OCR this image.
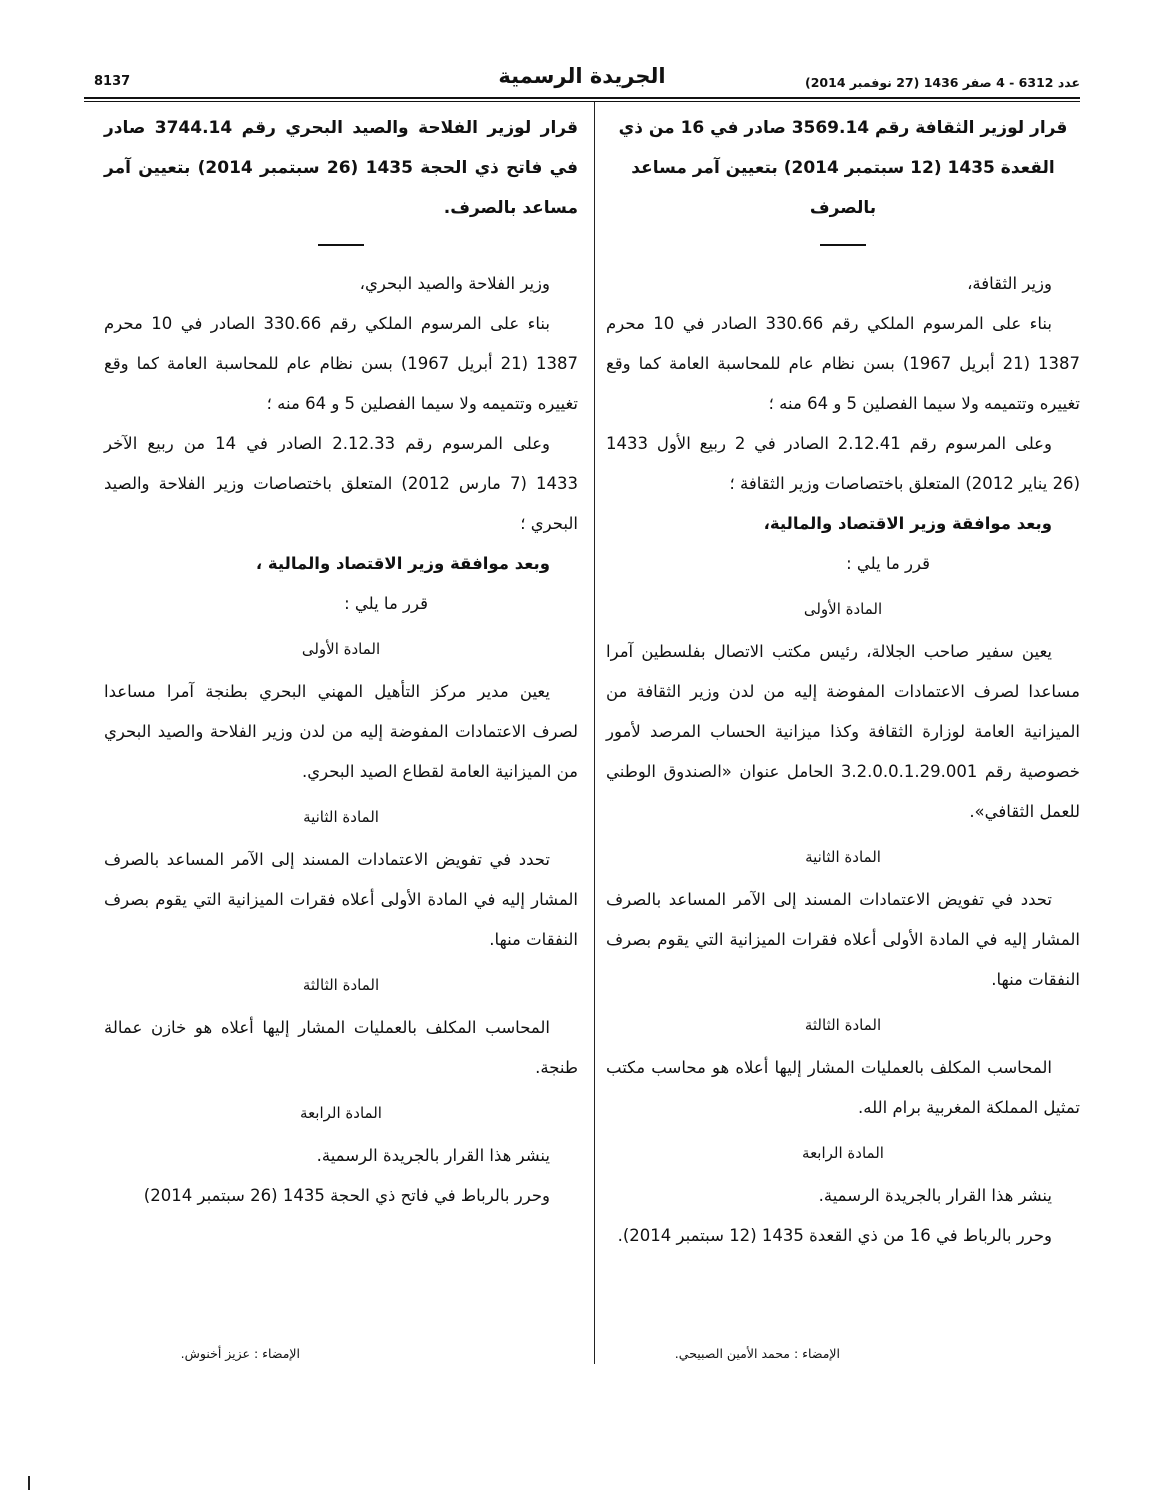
8137	الجريدة الرسمية	عدد 6312 - 4 صفر 1436 (27 نوفمبر 2014)

قرار لوزير الثقافة رقم 3569.14 صادر في 16 من ذي القعدة 1435 (12 سبتمبر 2014) بتعيين آمر مساعد بالصرف

وزير الثقافة،

بناء على المرسوم الملكي رقم 330.66 الصادر في 10 محرم 1387 (21 أبريل 1967) بسن نظام عام للمحاسبة العامة كما وقع تغييره وتتميمه ولا سيما الفصلين 5 و 64 منه ؛

وعلى المرسوم رقم 2.12.41 الصادر في 2 ربيع الأول 1433 (26 يناير 2012) المتعلق باختصاصات وزير الثقافة ؛

وبعد موافقة وزير الاقتصاد والمالية،

قرر ما يلي :

المادة الأولى

يعين سفير صاحب الجلالة، رئيس مكتب الاتصال بفلسطين آمرا مساعدا لصرف الاعتمادات المفوضة إليه من لدن وزير الثقافة من الميزانية العامة لوزارة الثقافة وكذا ميزانية الحساب المرصد لأمور خصوصية رقم 3.2.0.0.1.29.001 الحامل عنوان «الصندوق الوطني للعمل الثقافي».

المادة الثانية

تحدد في تفويض الاعتمادات المسند إلى الآمر المساعد بالصرف المشار إليه في المادة الأولى أعلاه فقرات الميزانية التي يقوم بصرف النفقات منها.

المادة الثالثة

المحاسب المكلف بالعمليات المشار إليها أعلاه هو محاسب مكتب تمثيل المملكة المغربية برام الله.

المادة الرابعة

ينشر هذا القرار بالجريدة الرسمية.

وحرر بالرباط في 16 من ذي القعدة 1435 (12 سبتمبر 2014).

الإمضاء : محمد الأمين الصبيحي.

قرار لوزير الفلاحة والصيد البحري رقم 3744.14 صادر في فاتح ذي الحجة 1435 (26 سبتمبر 2014) بتعيين آمر مساعد بالصرف.

وزير الفلاحة والصيد البحري،

بناء على المرسوم الملكي رقم 330.66 الصادر في 10 محرم 1387 (21 أبريل 1967) بسن نظام عام للمحاسبة العامة كما وقع تغييره وتتميمه ولا سيما الفصلين 5 و 64 منه ؛

وعلى المرسوم رقم 2.12.33 الصادر في 14 من ربيع الآخر 1433 (7 مارس 2012) المتعلق باختصاصات وزير الفلاحة والصيد البحري ؛

وبعد موافقة وزير الاقتصاد والمالية ،

قرر ما يلي :

المادة الأولى

يعين مدير مركز التأهيل المهني البحري بطنجة آمرا مساعدا لصرف الاعتمادات المفوضة إليه من لدن وزير الفلاحة والصيد البحري من الميزانية العامة لقطاع الصيد البحري.

المادة الثانية

تحدد في تفويض الاعتمادات المسند إلى الآمر المساعد بالصرف المشار إليه في المادة الأولى أعلاه فقرات الميزانية التي يقوم بصرف النفقات منها.

المادة الثالثة

المحاسب المكلف بالعمليات المشار إليها أعلاه هو خازن عمالة طنجة.

المادة الرابعة

ينشر هذا القرار بالجريدة الرسمية.

وحرر بالرباط في فاتح ذي الحجة 1435 (26 سبتمبر 2014)

الإمضاء : عزيز أخنوش.
